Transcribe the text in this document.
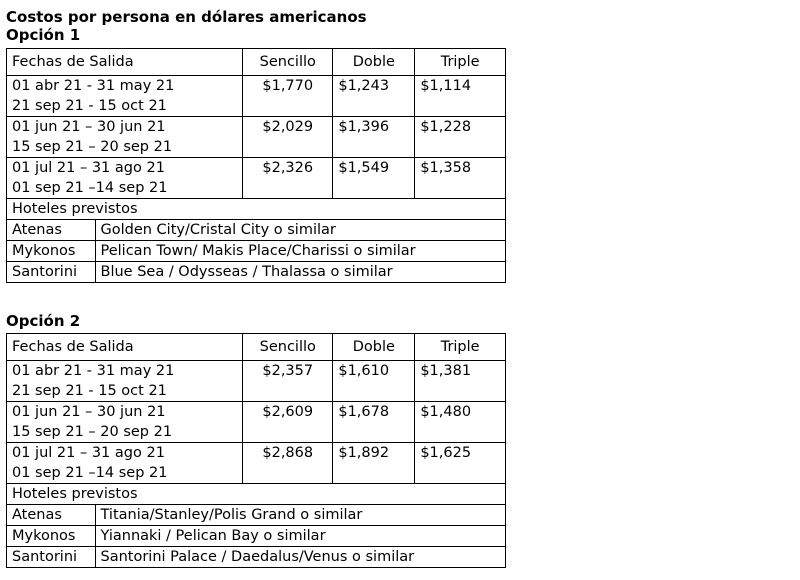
Costos por persona en dólares americanos
Opción 1
Fechas de Salida	Sencillo	Doble	Triple

01 abr 21 - 31 may 21
21 sep 21 - 15 oct 21	$1,770	$1,243	$1,114

01 jun 21 – 30 jun 21
15 sep 21 – 20 sep 21	$2,029	$1,396	$1,228

01 jul 21 – 31 ago 21
01 sep 21 –14 sep 21	$2,326	$1,549	$1,358
Hoteles previstos
Atenas	Golden City/Cristal City o similar
Mykonos	Pelican Town/ Makis Place/Charissi o similar
Santorini	Blue Sea / Odysseas / Thalassa o similar
Opción 2
Fechas de Salida	Sencillo	Doble	Triple

01 abr 21 - 31 may 21
21 sep 21 - 15 oct 21	$2,357	$1,610	$1,381

01 jun 21 – 30 jun 21
15 sep 21 – 20 sep 21	$2,609	$1,678	$1,480

01 jul 21 – 31 ago 21
01 sep 21 –14 sep 21	$2,868	$1,892	$1,625
Hoteles previstos
Atenas	Titania/Stanley/Polis Grand o similar
Mykonos	Yiannaki / Pelican Bay o similar
Santorini	Santorini Palace / Daedalus/Venus o similar
